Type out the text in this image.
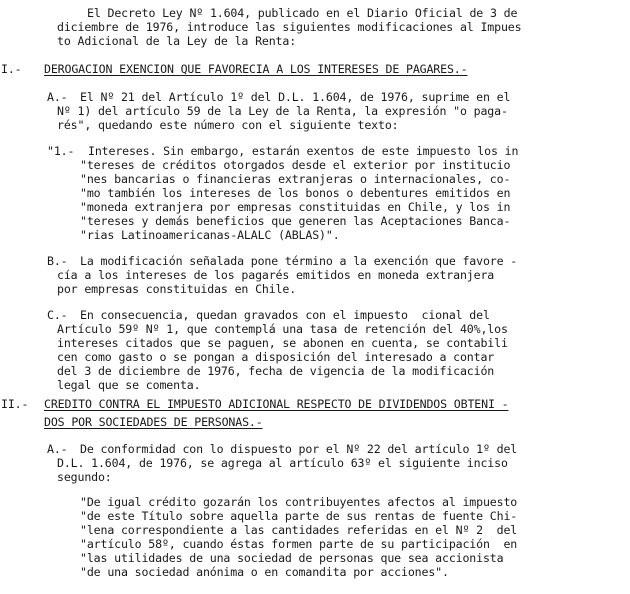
El Decreto Ley Nº 1.604, publicado en el Diario Oficial de 3 de
diciembre de 1976, introduce las siguientes modificaciones al Impues
to Adicional de la Ley de la Renta:
I.- DEROGACION EXENCION QUE FAVORECIA A LOS INTERESES DE PAGARES.-
A.- El Nº 21 del Artículo 1º del D.L. 1.604, de 1976, suprime en el
Nº 1) del artículo 59 de la Ley de la Renta, la expresión "o paga-
rés", quedando este número con el siguiente texto:
"1.- Intereses. Sin embargo, estarán exentos de este impuesto los in
"tereses de créditos otorgados desde el exterior por institucio
"nes bancarias o financieras extranjeras o internacionales, co-
"mo también los intereses de los bonos o debentures emitidos en
"moneda extranjera por empresas constituidas en Chile, y los in
"tereses y demás beneficios que generen las Aceptaciones Banca-
"rias Latinoamericanas-ALALC (ABLAS)".
B.- La modificación señalada pone término a la exención que favore -
cía a los intereses de los pagarés emitidos en moneda extranjera
por empresas constituidas en Chile.
C.- En consecuencia, quedan gravados con el impuesto  cional del
Artículo 59º Nº 1, que contemplá una tasa de retención del 40%,los
intereses citados que se paguen, se abonen en cuenta, se contabili
cen como gasto o se pongan a disposición del interesado a contar
del 3 de diciembre de 1976, fecha de vigencia de la modificación
legal que se comenta.
II.- CREDITO CONTRA EL IMPUESTO ADICIONAL RESPECTO DE DIVIDENDOS OBTENI -
DOS POR SOCIEDADES DE PERSONAS.-
A.- De conformidad con lo dispuesto por el Nº 22 del artículo 1º del
D.L. 1.604, de 1976, se agrega al artículo 63º el siguiente inciso
segundo:
"De igual crédito gozarán los contribuyentes afectos al impuesto
"de este Título sobre aquella parte de sus rentas de fuente Chi-
"lena correspondiente a las cantidades referidas en el Nº 2  del
"artículo 58º, cuando éstas formen parte de su participación  en
"las utilidades de una sociedad de personas que sea accionista
"de una sociedad anónima o en comandita por acciones".
